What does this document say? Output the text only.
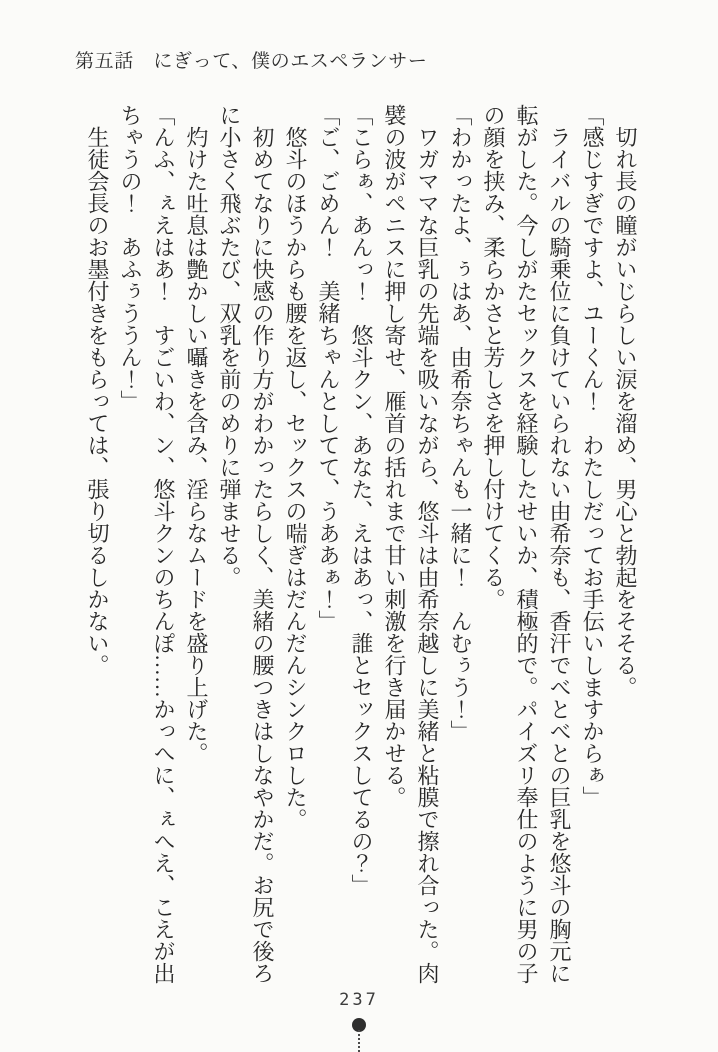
第五話　にぎって、僕のエスペランサー

切れ長の瞳がいじらしい涙を溜め、男心と勃起をそそる。

「感じすぎですよ、ユーくん！　わたしだってお手伝いしますからぁ」

ライバルの騎乗位に負けていられない由希奈も、香汗でべとべとの巨乳を悠斗の胸元に

転がした。今しがたセックスを経験したせいか、積極的で。パイズリ奉仕のように男の子

の顔を挟み、柔らかさと芳しさを押し付けてくる。

「わかったよ、ぅはあ、由希奈ちゃんも一緒に！　んむぅう！」

ワガママな巨乳の先端を吸いながら、悠斗は由希奈越しに美緒と粘膜で擦れ合った。肉

襞の波がペニスに押し寄せ、雁首の括れまで甘い刺激を行き届かせる。

「こらぁ、あんっ！　悠斗クン、あなた、えはあっ、誰とセックスしてるの？」

「ご、ごめん！　美緒ちゃんとしてて、うああぁ！」

悠斗のほうからも腰を返し、セックスの喘ぎはだんだんシンクロした。

初めてなりに快感の作り方がわかったらしく、美緒の腰つきはしなやかだ。お尻で後ろ

に小さく飛ぶたび、双乳を前のめりに弾ませる。

灼けた吐息は艶かしい囁きを含み、淫らなムードを盛り上げた。

「んふ、ぇえはあ！　すごいわ、ン、悠斗クンのちんぽ……かっへに、ぇへえ、こえが出

ちゃうの！　あふぅううん！」

生徒会長のお墨付きをもらっては、張り切るしかない。

237
